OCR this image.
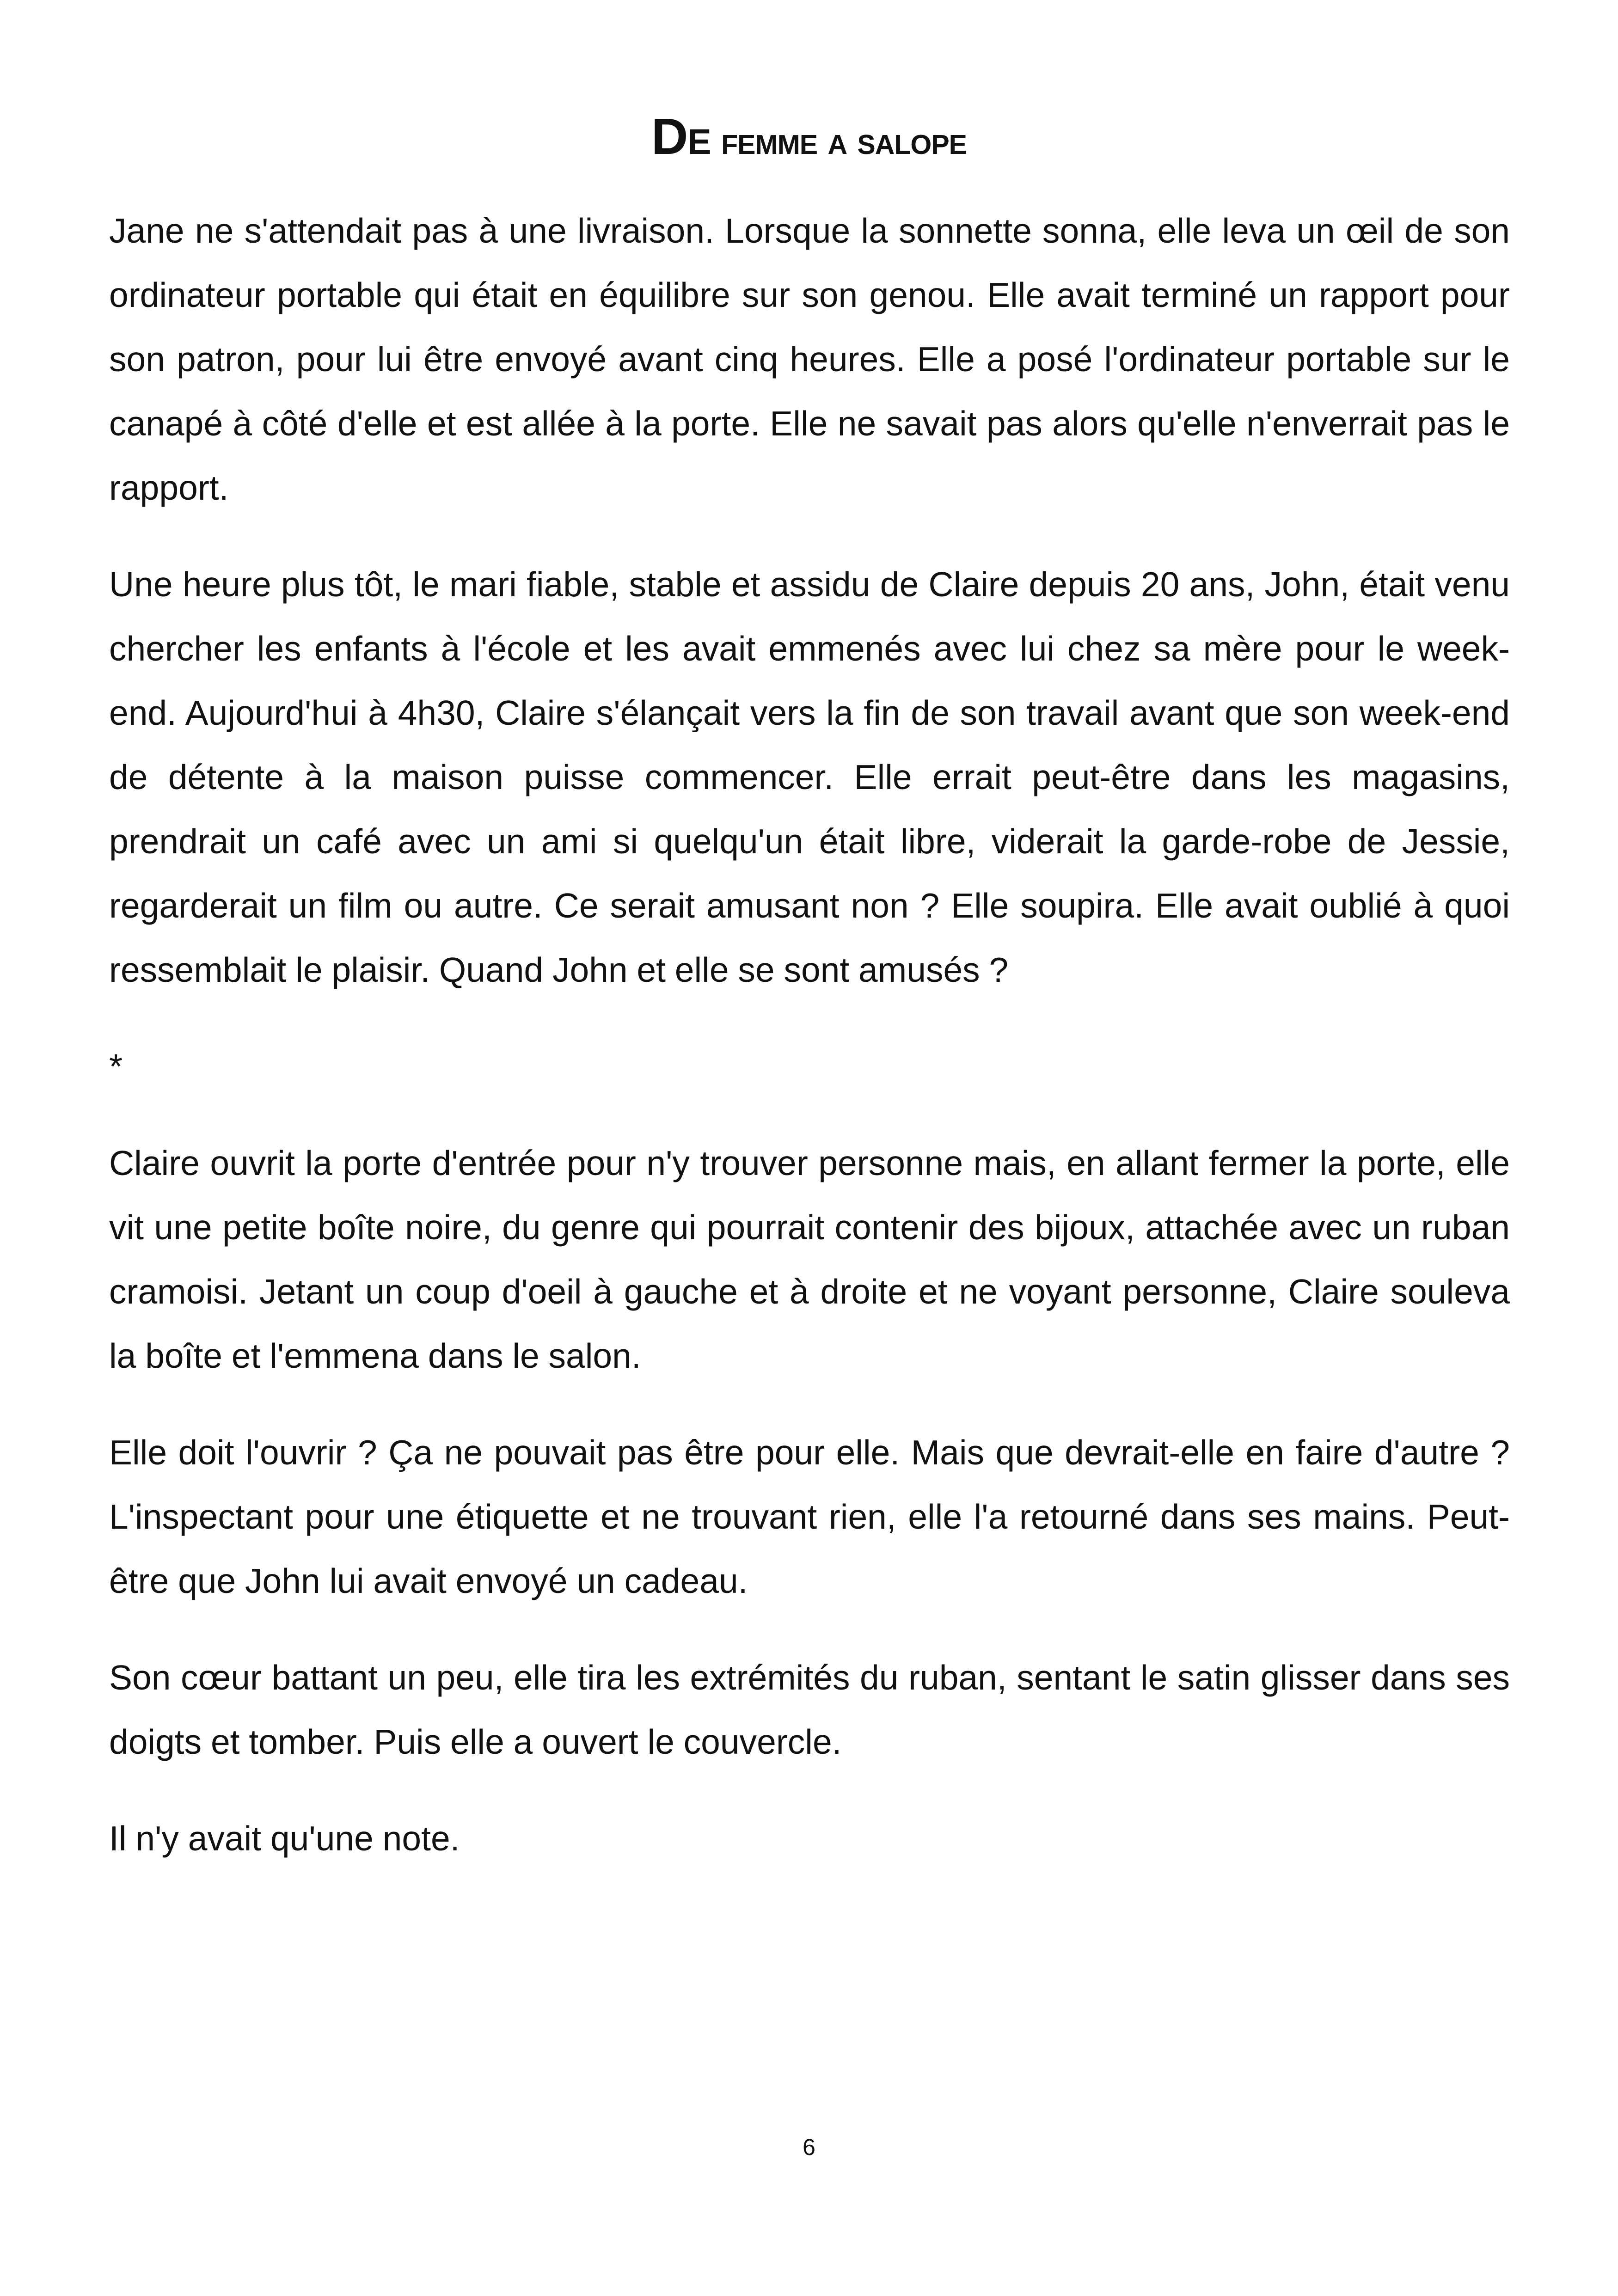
De femme a salope

Jane ne s'attendait pas à une livraison. Lorsque la sonnette sonna, elle leva un œil de son ordinateur portable qui était en équilibre sur son genou. Elle avait terminé un rapport pour son patron, pour lui être envoyé avant cinq heures. Elle a posé l'ordinateur portable sur le canapé à côté d'elle et est allée à la porte. Elle ne savait pas alors qu'elle n'enverrait pas le rapport.

Une heure plus tôt, le mari fiable, stable et assidu de Claire depuis 20 ans, John, était venu chercher les enfants à l'école et les avait emmenés avec lui chez sa mère pour le week-end. Aujourd'hui à 4h30, Claire s'élançait vers la fin de son travail avant que son week-end de détente à la maison puisse commencer. Elle errait peut-être dans les magasins, prendrait un café avec un ami si quelqu'un était libre, viderait la garde-robe de Jessie, regarderait un film ou autre. Ce serait amusant non ? Elle soupira. Elle avait oublié à quoi ressemblait le plaisir. Quand John et elle se sont amusés ?

*

Claire ouvrit la porte d'entrée pour n'y trouver personne mais, en allant fermer la porte, elle vit une petite boîte noire, du genre qui pourrait contenir des bijoux, attachée avec un ruban cramoisi. Jetant un coup d'oeil à gauche et à droite et ne voyant personne, Claire souleva la boîte et l'emmena dans le salon.

Elle doit l'ouvrir ? Ça ne pouvait pas être pour elle. Mais que devrait-elle en faire d'autre ? L'inspectant pour une étiquette et ne trouvant rien, elle l'a retourné dans ses mains. Peut-être que John lui avait envoyé un cadeau.

Son cœur battant un peu, elle tira les extrémités du ruban, sentant le satin glisser dans ses doigts et tomber. Puis elle a ouvert le couvercle.

Il n'y avait qu'une note.

6
